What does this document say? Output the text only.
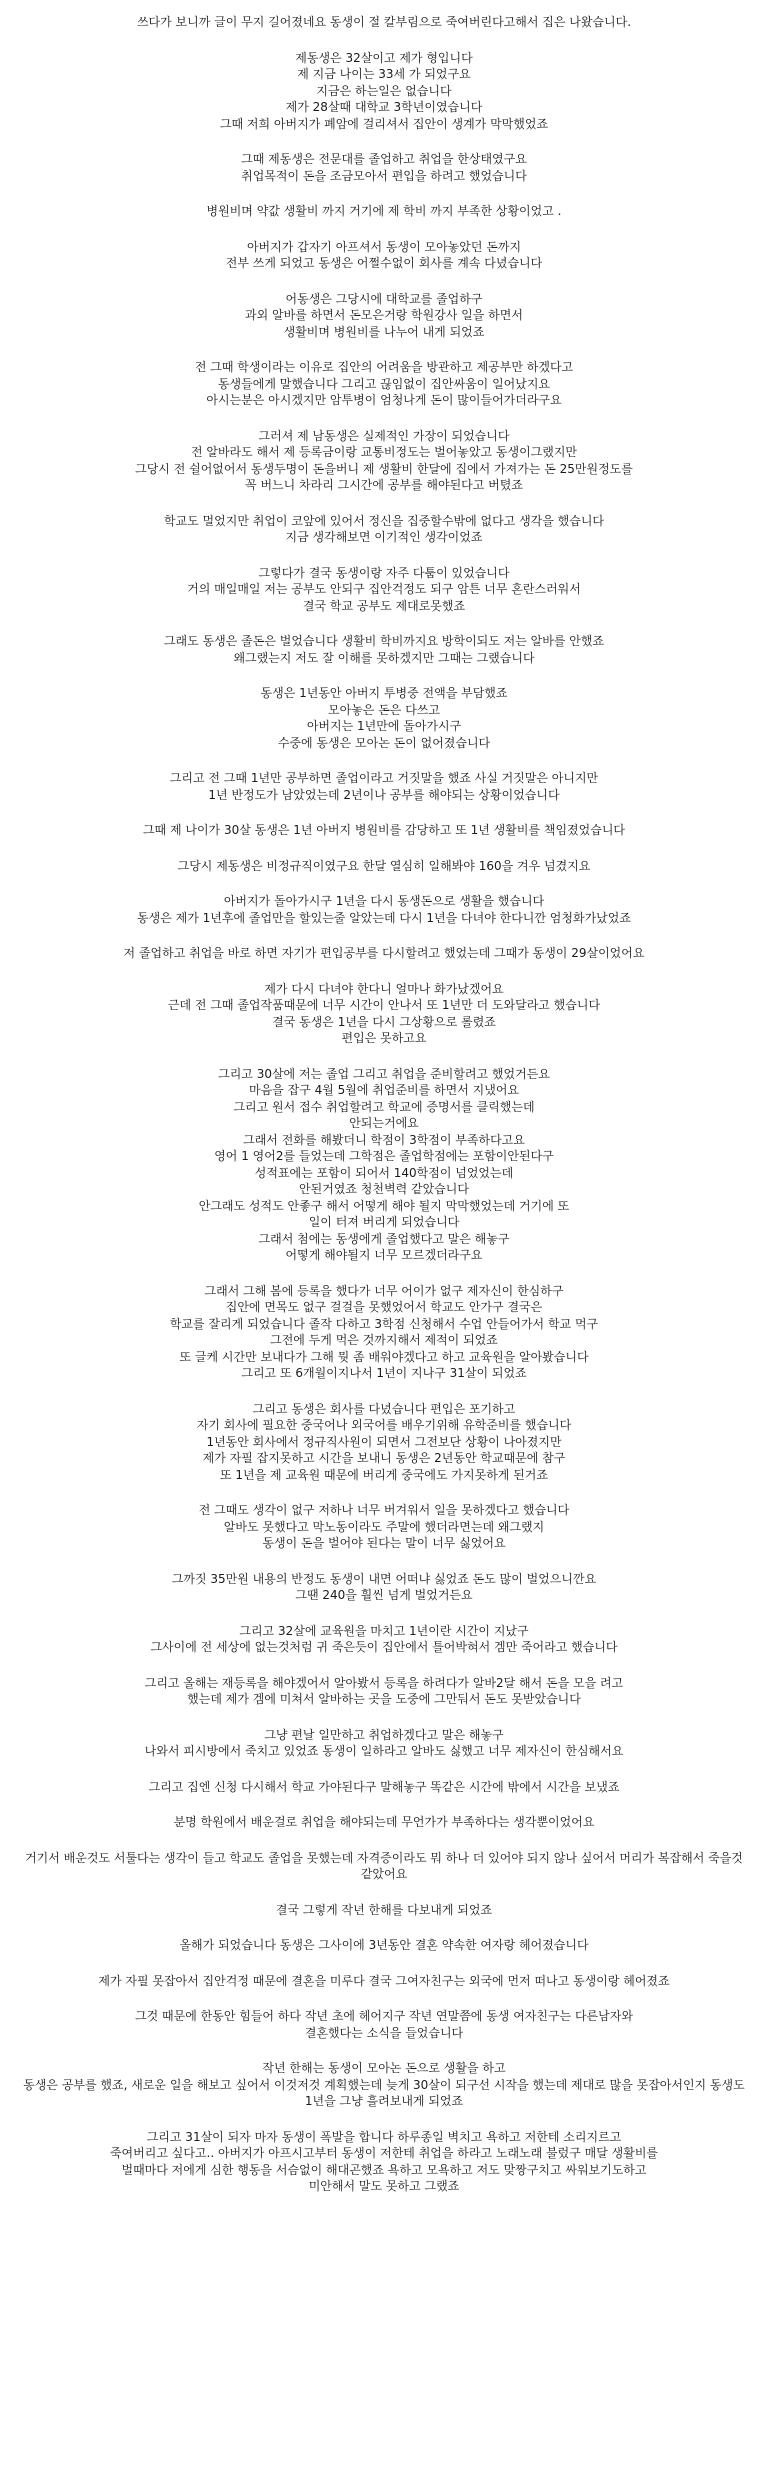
쓰다가 보니까 글이 무지 길어졌네요 동생이 절 칼부림으로 죽여버린다고해서 집은 나왔습니다.
제동생은 32살이고 제가 형입니다
제 지금 나이는 33세 가 되었구요
지금은 하는일은 없습니다
제가 28살때 대학교 3학년이였습니다
그때 저희 아버지가 폐암에 걸리셔서 집안이 생계가 막막했었죠
그때 제동생은 전문대를 졸업하고 취업을 한상태였구요
취업목적이 돈을 조금모아서 편입을 하려고 했었습니다
병원비며 약값 생활비 까지 거기에 제 학비 까지 부족한 상황이었고 .
아버지가 갑자기 아프셔서 동생이 모아놓았던 돈까지
전부 쓰게 되었고 동생은 어쩔수없이 회사를 계속 다녔습니다
어동생은 그당시에 대학교를 졸업하구
과외 알바를 하면서 돈모은거랑 학원강사 일을 하면서
생활비며 병원비를 나누어 내게 되었죠
전 그때 학생이라는 이유로 집안의 어려움을 방관하고 제공부만 하겠다고
동생들에게 말했습니다 그리고 끊임없이 집안싸움이 일어났지요
아시는분은 아시겠지만 암투병이 엄청나게 돈이 많이들어가더라구요
그러셔 제 남동생은 실제적인 가장이 되었습니다
전 알바라도 해서 제 등록금이랑 교통비정도는 벌어놓았고 동생이그랬지만
그당시 전 쉴어없어서 동생두명이 돈을버니 제 생활비 한달에 집에서 가져가는 돈 25만원정도를
꼭 버느니 차라리 그시간에 공부를 해야된다고 버텼죠
학교도 멀었지만 취업이 코앞에 있어서 정신을 집중할수밖에 없다고 생각을 했습니다
지금 생각해보면 이기적인 생각이었죠
그렇다가 결국 동생이랑 자주 다툼이 있었습니다
거의 매일매일 저는 공부도 안되구 집안걱정도 되구 암튼 너무 혼란스러워서
결국 학교 공부도 제대로못했죠
그래도 동생은 졸돈은 벌었습니다 생활비 학비까지요 방학이되도 저는 알바를 안했죠
왜그랬는지 저도 잘 이해를 못하겠지만 그때는 그랬습니다
동생은 1년동안 아버지 투병중 전액을 부담했죠
모아놓은 돈은 다쓰고
아버지는 1년만에 돌아가시구
수중에 동생은 모아논 돈이 없어졌습니다
그리고 전 그때 1년만 공부하면 졸업이라고 거짓말을 했죠 사실 거짓말은 아니지만
1년 반정도가 남았었는데 2년이나 공부를 해야되는 상황이었습니다
그때 제 나이가 30살 동생은 1년 아버지 병원비를 감당하고 또 1년 생활비를 책임졌었습니다
그당시 제동생은 비정규직이였구요 한달 열심히 일해봐야 160을 겨우 넘겼지요
아버지가 돌아가시구 1년을 다시 동생돈으로 생활을 했습니다
동생은 제가 1년후에 졸업만을 할있는줄 알았는데 다시 1년을 다녀야 한다니깐 엄청화가났었죠
저 졸업하고 취업을 바로 하면 자기가 편입공부를 다시할려고 했었는데 그때가 동생이 29살이었어요
제가 다시 다녀야 한다니 얼마나 화가났겠어요
근데 전 그때 졸업작품때문에 너무 시간이 안나서 또 1년만 더 도와달라고 했습니다
결국 동생은 1년을 다시 그상황으로 롤렸죠
편입은 못하고요
그리고 30살에 저는 졸업 그리고 취업을 준비할려고 했었거든요
마음을 잡구 4월 5월에 취업준비를 하면서 지냈어요
그리고 원서 접수 취업할려고 학교에 증명서를 클릭했는데
안되는거에요
그래서 전화를 해봤더니 학점이 3학점이 부족하다고요
영어 1 영어2를 들었는데 그학점은 졸업학점에는 포함이안된다구
성적표에는 포함이 되어서 140학점이 넘었었는데
안된거였죠 청천벽력 같았습니다
안그래도 성적도 안좋구 해서 어떻게 해야 될지 막막했었는데 거기에 또
일이 터져 버리게 되었습니다
그래서 첨에는 동생에게 졸업했다고 말은 해놓구
어떻게 해야될지 너무 모르겠더라구요
그래서 그해 봄에 등록을 했다가 너무 어이가 없구 제자신이 한심하구
집안에 면목도 없구 걸걸을 못했었어서 학교도 안가구 결국은
학교를 잘리게 되었습니다 졸작 다하고 3학점 신청해서 수업 안들어가서 학교 먹구
그전에 두게 먹은 것까지해서 제적이 되었죠
또 글케 시간만 보내다가 그해 뭣 좀 배워야겠다고 하고 교육원을 알아봤습니다
그리고 또 6개월이지나서 1년이 지나구 31살이 되었죠
그리고 동생은 회사를 다녔습니다 편입은 포기하고
자기 회사에 필요한 중국어나 외국어를 배우기위해 유학준비를 했습니다
1년동안 회사에서 정규직사원이 되면서 그전보단 상황이 나아졌지만
제가 자필 잡지못하고 시간을 보내니 동생은 2년동안 학교때문에 참구
또 1년을 제 교육원 때문에 버리게 중국에도 가지못하게 된거죠
전 그때도 생각이 없구 저하나 너무 버겨워서 일을 못하겠다고 했습니다
알바도 못했다고 막노동이라도 주말에 했더라면는데 왜그랬지
동생이 돈을 벌어야 된다는 말이 너무 싫었어요
그까짓 35만원 내용의 반정도 동생이 내면 어떠냐 싫었죠 돈도 많이 벌었으니깐요
그땐 240을 훨씬 넘게 벌었거든요
그리고 32살에 교육원을 마치고 1년이란 시간이 지났구
그사이에 전 세상에 없는것처럼 귀 죽은듯이 집안에서 틀어박혀서 겜만 죽어라고 했습니다
그리고 올해는 재등록을 해야겠어서 알아봤서 등록을 하려다가 알바2달 해서 돈을 모을 려고
했는데 제가 겜에 미쳐서 알바하는 곳을 도중에 그만둬서 돈도 못받았습니다
그냥 편날 일만하고 취업하겠다고 말은 해놓구
나와서 피시방에서 죽치고 있었죠 동생이 일하라고 알바도 싫했고 너무 제자신이 한심해서요
그리고 집엔 신청 다시해서 학교 가야된다구 말해놓구 똑같은 시간에 밖에서 시간을 보냈죠
분명 학원에서 배운걸로 취업을 해야되는데 무언가가 부족하다는 생각뿐이었어요
거기서 배운것도 서툴다는 생각이 들고 학교도 졸업을 못했는데 자격증이라도 뭐 하나 더 있어야 되지 않나 싶어서 머리가 복잡해서 죽을것 같았어요
결국 그렇게 작년 한해를 다보내게 되었죠
올해가 되었습니다 동생은 그사이에 3년동안 결혼 약속한 여자랑 헤어졌습니다
제가 자필 못잡아서 집안걱정 때문에 결혼을 미루다 결국 그여자친구는 외국에 먼저 떠나고 동생이랑 헤어졌죠
그것 때문에 한동안 힘들어 하다 작년 초에 헤어지구 작년 연말쯤에 동생 여자친구는 다른남자와
결혼했다는 소식을 들었습니다
작년 한해는 동생이 모아논 돈으로 생활을 하고
동생은 공부를 했죠, 새로운 일을 해보고 싶어서 이것저것 계획했는데 늦게 30살이 되구선 시작을 했는데 제대로 많을 못잡아서인지 동생도
1년을 그냥 흘려보내게 되었죠
그리고 31살이 되자 마자 동생이 폭발을 합니다 하루종일 벽치고 욕하고 저한테 소리지르고
죽여버리고 싶다고.. 아버지가 아프시고부터 동생이 저한테 취업을 하라고 노래노래 불렀구 매달 생활비를
벌때마다 저에게 심한 행동을 서슴없이 해대곤했죠 욕하고 모욕하고 저도 맞짱구치고 싸워보기도하고
미안해서 말도 못하고 그랬죠
